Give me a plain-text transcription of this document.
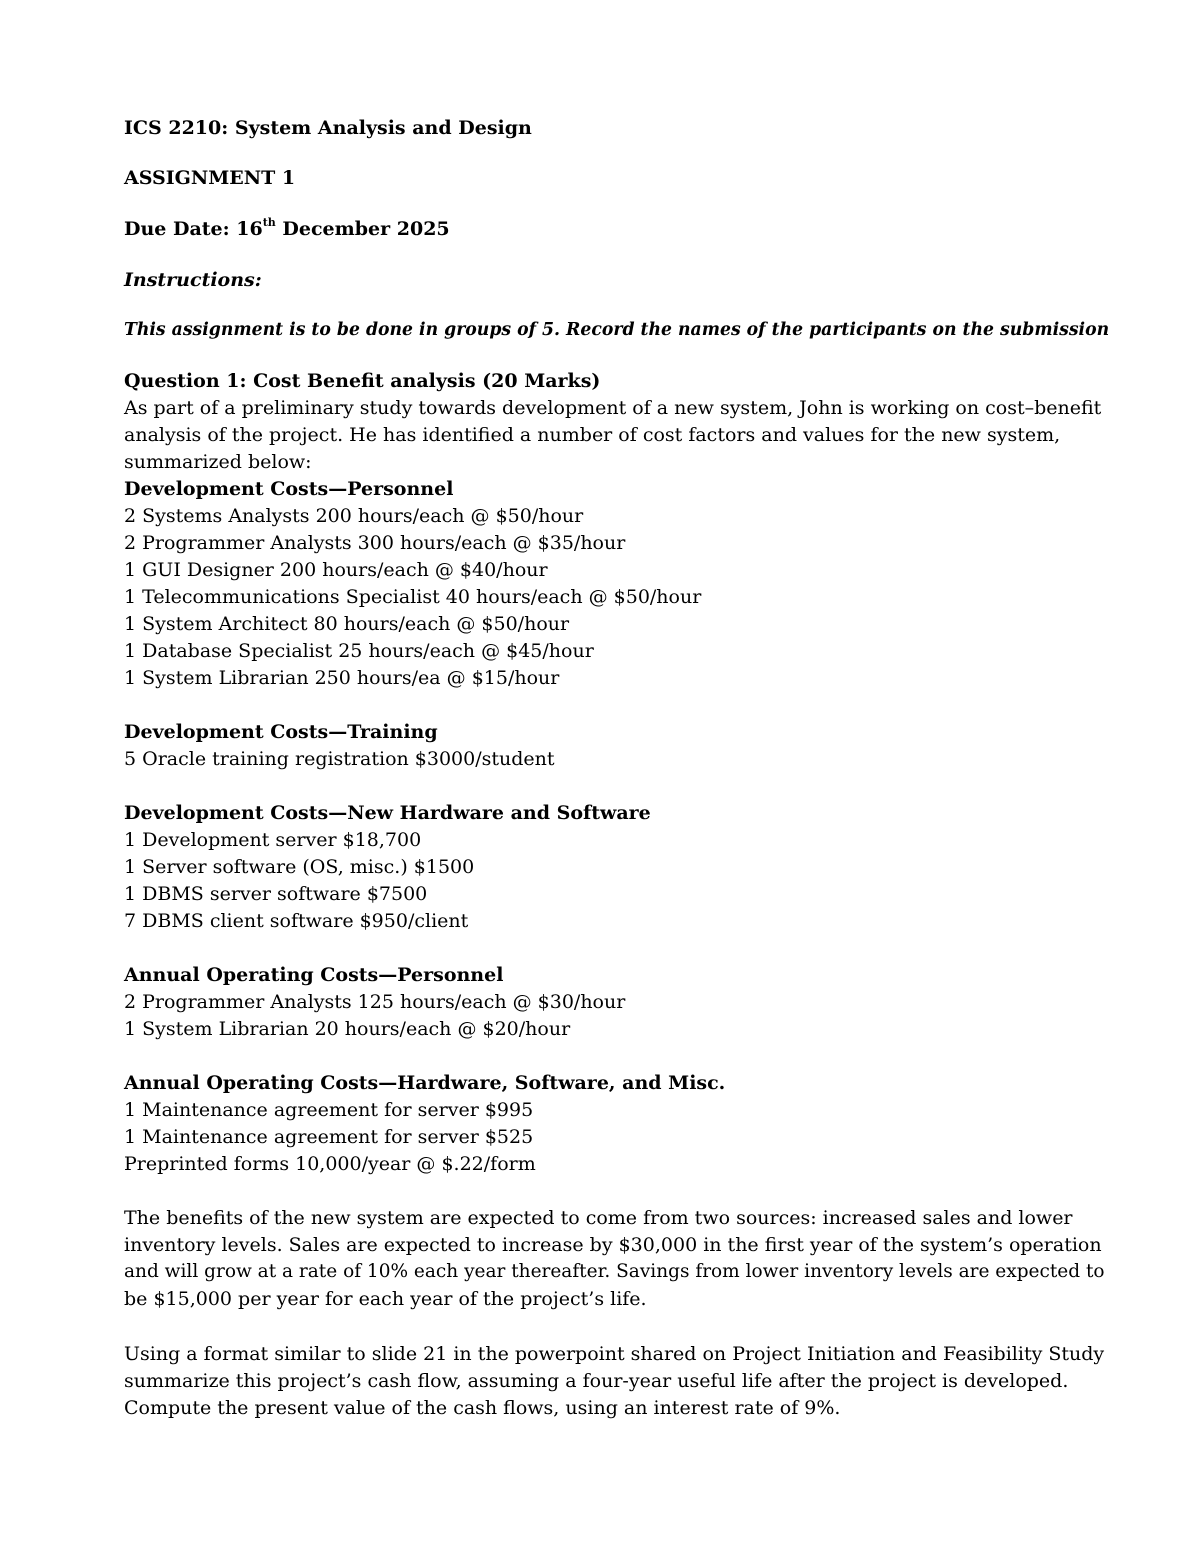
ICS 2210: System Analysis and Design
ASSIGNMENT 1
Due Date: 16th December 2025
Instructions:
This assignment is to be done in groups of 5. Record the names of the participants on the submission
Question 1: Cost Benefit analysis (20 Marks)
As part of a preliminary study towards development of a new system, John is working on cost–benefit
analysis of the project. He has identified a number of cost factors and values for the new system,
summarized below:
Development Costs—Personnel
2 Systems Analysts 200 hours/each @ $50/hour
2 Programmer Analysts 300 hours/each @ $35/hour
1 GUI Designer 200 hours/each @ $40/hour
1 Telecommunications Specialist 40 hours/each @ $50/hour
1 System Architect 80 hours/each @ $50/hour
1 Database Specialist 25 hours/each @ $45/hour
1 System Librarian 250 hours/ea @ $15/hour
Development Costs—Training
5 Oracle training registration $3000/student
Development Costs—New Hardware and Software
1 Development server $18,700
1 Server software (OS, misc.) $1500
1 DBMS server software $7500
7 DBMS client software $950/client
Annual Operating Costs—Personnel
2 Programmer Analysts 125 hours/each @ $30/hour
1 System Librarian 20 hours/each @ $20/hour
Annual Operating Costs—Hardware, Software, and Misc.
1 Maintenance agreement for server $995
1 Maintenance agreement for server $525
Preprinted forms 10,000/year @ $.22/form
The benefits of the new system are expected to come from two sources: increased sales and lower
inventory levels. Sales are expected to increase by $30,000 in the first year of the system’s operation
and will grow at a rate of 10% each year thereafter. Savings from lower inventory levels are expected to
be $15,000 per year for each year of the project’s life.
Using a format similar to slide 21 in the powerpoint shared on Project Initiation and Feasibility Study
summarize this project’s cash flow, assuming a four-year useful life after the project is developed.
Compute the present value of the cash flows, using an interest rate of 9%.
